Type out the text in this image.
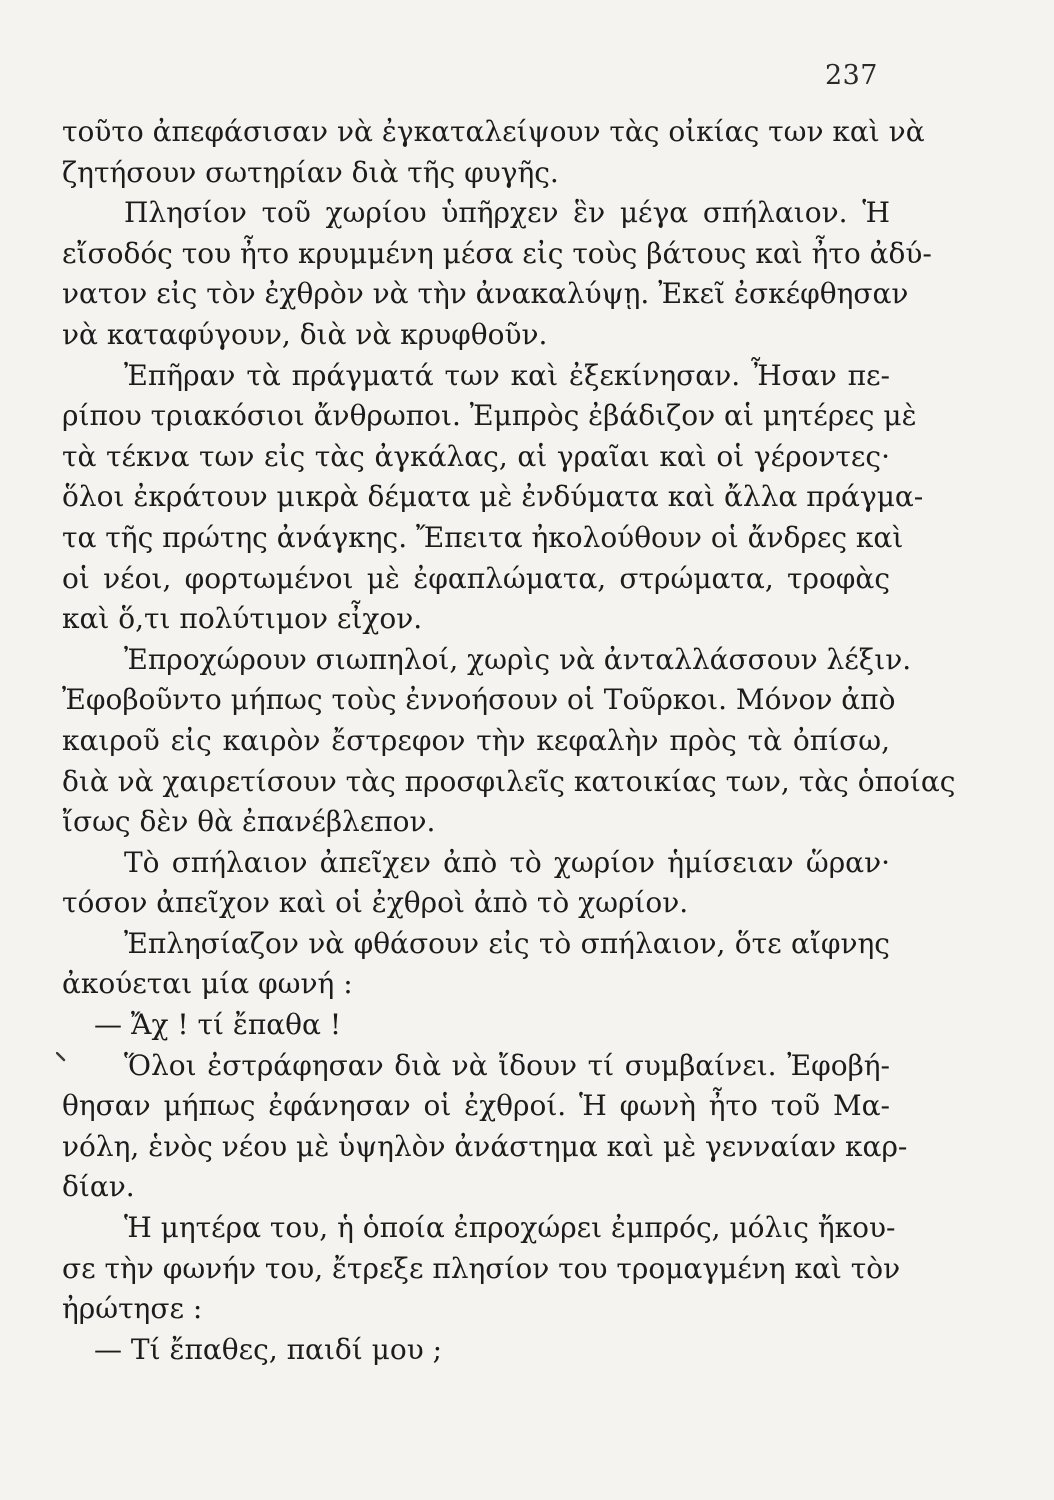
237
τοῦτο ἀπεφάσισαν νὰ ἐγκαταλείψουν τὰς οἰκίας των καὶ νὰ
ζητήσουν σωτηρίαν διὰ τῆς φυγῆς.
Πλησίον τοῦ χωρίου ὑπῆρχεν ἓν μέγα σπήλαιον. Ἡ
εἴσοδός του ἦτο κρυμμένη μέσα εἰς τοὺς βάτους καὶ ἦτο ἀδύ-
νατον εἰς τὸν ἐχθρὸν νὰ τὴν ἀνακαλύψῃ. Ἐκεῖ ἐσκέφθησαν
νὰ καταφύγουν, διὰ νὰ κρυφθοῦν.
Ἐπῆραν τὰ πράγματά των καὶ ἐξεκίνησαν. Ἦσαν πε-
ρίπου τριακόσιοι ἄνθρωποι. Ἐμπρὸς ἐβάδιζον αἱ μητέρες μὲ
τὰ τέκνα των εἰς τὰς ἀγκάλας, αἱ γραῖαι καὶ οἱ γέροντες·
ὅλοι ἐκράτουν μικρὰ δέματα μὲ ἐνδύματα καὶ ἄλλα πράγμα-
τα τῆς πρώτης ἀνάγκης. Ἔπειτα ἠκολούθουν οἱ ἄνδρες καὶ
οἱ νέοι, φορτωμένοι μὲ ἐφαπλώματα, στρώματα, τροφὰς
καὶ ὅ,τι πολύτιμον εἶχον.
Ἐπροχώρουν σιωπηλοί, χωρὶς νὰ ἀνταλλάσσουν λέξιν.
Ἐφοβοῦντο μήπως τοὺς ἐννοήσουν οἱ Τοῦρκοι. Μόνον ἀπὸ
καιροῦ εἰς καιρὸν ἔστρεφον τὴν κεφαλὴν πρὸς τὰ ὀπίσω,
διὰ νὰ χαιρετίσουν τὰς προσφιλεῖς κατοικίας των, τὰς ὁποίας
ἴσως δὲν θὰ ἐπανέβλεπον.
Τὸ σπήλαιον ἀπεῖχεν ἀπὸ τὸ χωρίον ἡμίσειαν ὥραν·
τόσον ἀπεῖχον καὶ οἱ ἐχθροὶ ἀπὸ τὸ χωρίον.
Ἐπλησίαζον νὰ φθάσουν εἰς τὸ σπήλαιον, ὅτε αἴφνης
ἀκούεται μία φωνή :
— Ἄχ ! τί ἔπαθα !
Ὅλοι ἐστράφησαν διὰ νὰ ἴδουν τί συμβαίνει. Ἐφοβή-
θησαν μήπως ἐφάνησαν οἱ ἐχθροί. Ἡ φωνὴ ἦτο τοῦ Μα-
νόλη, ἑνὸς νέου μὲ ὑψηλὸν ἀνάστημα καὶ μὲ γενναίαν καρ-
δίαν.
Ἡ μητέρα του, ἡ ὁποία ἐπροχώρει ἐμπρός, μόλις ἤκου-
σε τὴν φωνήν του, ἔτρεξε πλησίον του τρομαγμένη καὶ τὸν
ἠρώτησε :
— Τί ἔπαθες, παιδί μου ;
